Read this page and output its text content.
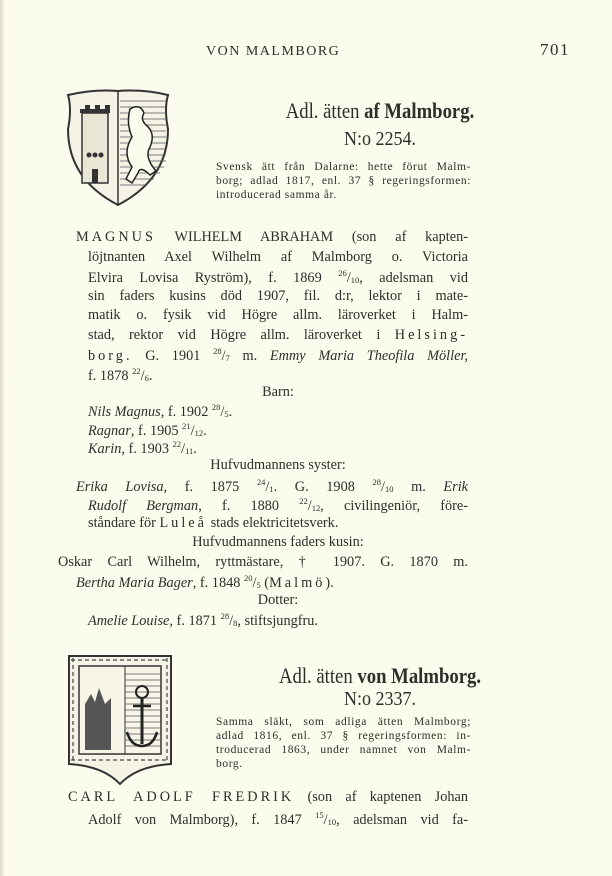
VON MALMBORG	701
Adl. ätten af Malmborg.
N:o 2254.
Svensk ätt från Dalarne: hette förut Malm-
borg; adlad 1817, enl. 37 § regeringsformen:
introducerad samma år.
Adl. ätten von Malmborg.
N:o 2337.
Samma släkt, som adliga ätten Malmborg;
adlad 1816, enl. 37 § regeringsformen: in-
troducerad 1863, under namnet von Malm-
borg.
MAGNUS WILHELM ABRAHAM (son af kapten-
löjtnanten Axel Wilhelm af Malmborg o. Victoria
Elvira Lovisa Ryström), f. 1869 $^{26}$/10, adelsman vid
sin faders kusins död 1907, fil. d:r, lektor i mate-
matik o. fysik vid Högre allm. läroverket i Halm-
stad, rektor vid Högre allm. läroverket i Helsing-
borg. G. 1901 $^{28}$/7 m. Emmy Maria Theofila Möller,
f. 1878 $^{22}$/6.
Barn:
Nils Magnus, f. 1902 $^{28}$/5.
Ragnar, f. 1905 $^{21}$/12.
Karin, f. 1903 $^{22}$/11.
Hufvudmannens syster:
Erika Lovisa, f. 1875 $^{24}$/1. G. 1908 $^{28}$/10 m. Erik
Rudolf Bergman, f. 1880 $^{22}$/12, civilingeniör, före-
ståndare för Luleå stads elektricitetsverk.
Hufvudmannens faders kusin:
Oskar Carl Wilhelm, ryttmästare, † 1907. G. 1870 m.
Bertha Maria Bager, f. 1848 $^{20}$/5 (Malmö).
Dotter:
Amelie Louise, f. 1871 $^{28}$/8, stiftsjungfru.
CARL ADOLF FREDRIK (son af kaptenen Johan
Adolf von Malmborg), f. 1847 $^{15}$/10, adelsman vid fa-
